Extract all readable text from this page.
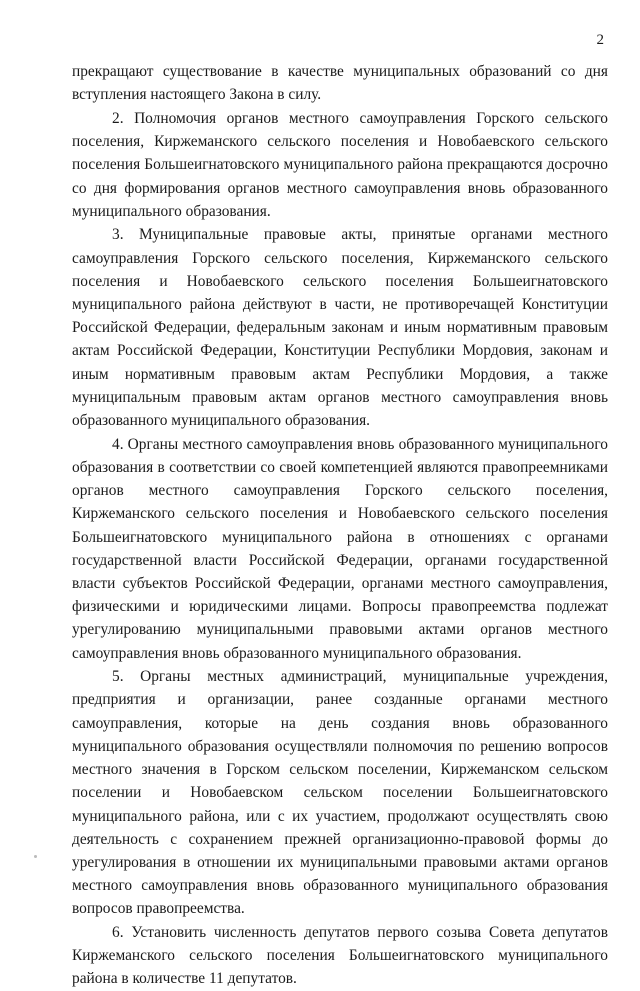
2

прекращают существование в качестве муниципальных образований со дня вступления настоящего Закона в силу.

2. Полномочия органов местного самоуправления Горского сельского поселения, Киржеманского сельского поселения и Новобаевского сельского поселения Большеигнатовского муниципального района прекращаются досрочно со дня формирования органов местного самоуправления вновь образованного муниципального образования.

3. Муниципальные правовые акты, принятые органами местного самоуправления Горского сельского поселения, Киржеманского сельского поселения и Новобаевского сельского поселения Большеигнатовского муниципального района действуют в части, не противоречащей Конституции Российской Федерации, федеральным законам и иным нормативным правовым актам Российской Федерации, Конституции Республики Мордовия, законам и иным нормативным правовым актам Республики Мордовия, а также муниципальным правовым актам органов местного самоуправления вновь образованного муниципального образования.

4. Органы местного самоуправления вновь образованного муниципального образования в соответствии со своей компетенцией являются правопреемниками органов местного самоуправления Горского сельского поселения, Киржеманского сельского поселения и Новобаевского сельского поселения Большеигнатовского муниципального района в отношениях с органами государственной власти Российской Федерации, органами государственной власти субъектов Российской Федерации, органами местного самоуправления, физическими и юридическими лицами. Вопросы правопреемства подлежат урегулированию муниципальными правовыми актами органов местного самоуправления вновь образованного муниципального образования.

5. Органы местных администраций, муниципальные учреждения, предприятия и организации, ранее созданные органами местного самоуправления, которые на день создания вновь образованного муниципального образования осуществляли полномочия по решению вопросов местного значения в Горском сельском поселении, Киржеманском сельском поселении и Новобаевском сельском поселении Большеигнатовского муниципального района, или с их участием, продолжают осуществлять свою деятельность с сохранением прежней организационно-правовой формы до урегулирования в отношении их муниципальными правовыми актами органов местного самоуправления вновь образованного муниципального образования вопросов правопреемства.

6. Установить численность депутатов первого созыва Совета депутатов Киржеманского сельского поселения Большеигнатовского муниципального района в количестве 11 депутатов.
